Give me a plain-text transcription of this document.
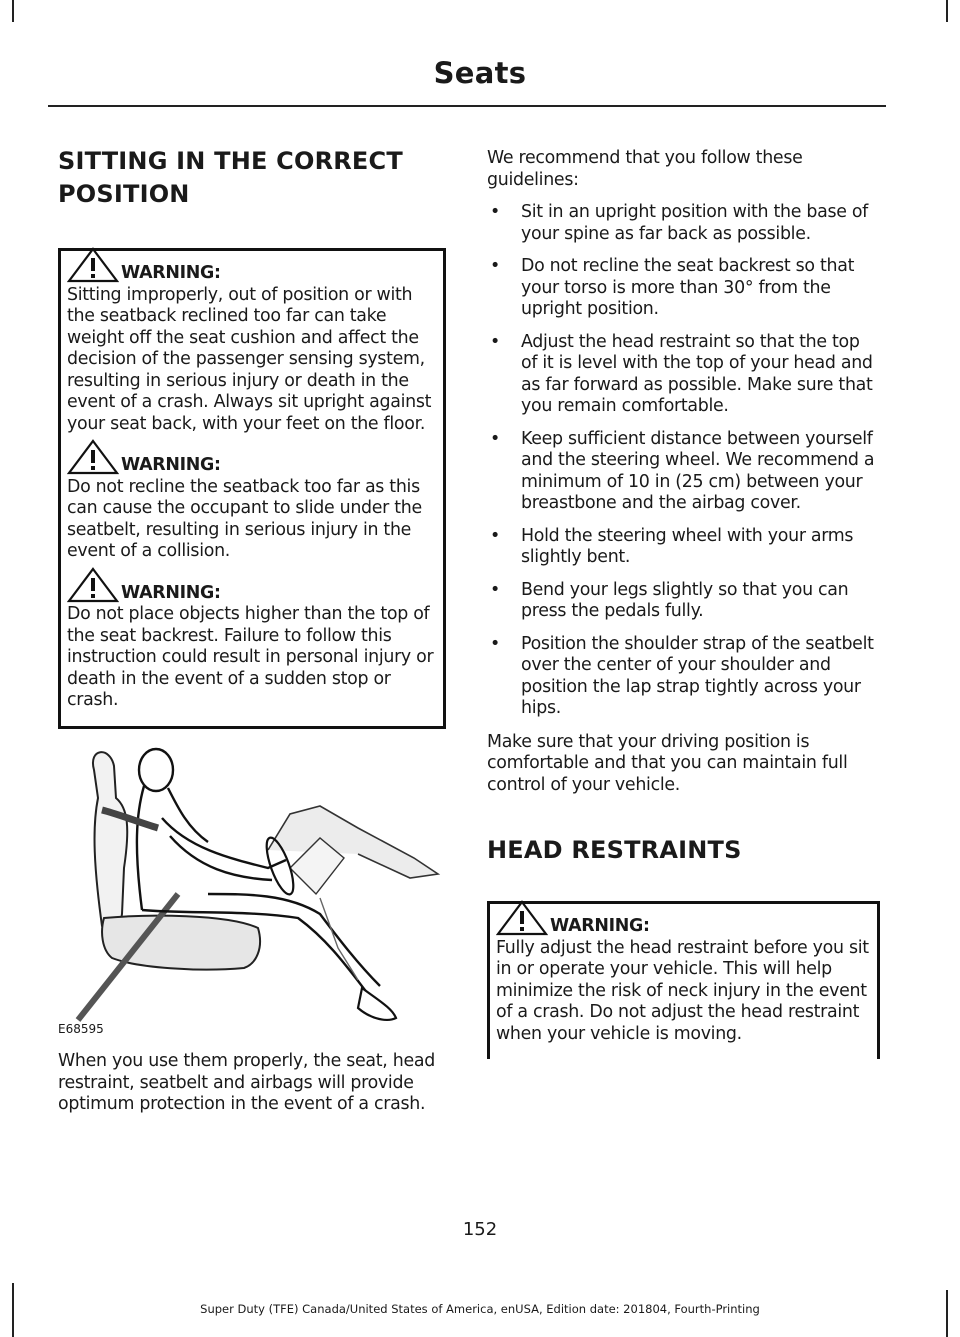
Seats
SITTING IN THE CORRECT
POSITION

WARNING:
Sitting improperly, out of position or with the seatback reclined too far can take weight off the seat cushion and affect the decision of the passenger sensing system, resulting in serious injury or death in the event of a crash. Always sit upright against your seat back, with your feet on the floor.

WARNING:
Do not recline the seatback too far as this can cause the occupant to slide under the seatbelt, resulting in serious injury in the event of a collision.

WARNING:
Do not place objects higher than the top of the seat backrest. Failure to follow this instruction could result in personal injury or death in the event of a sudden stop or crash.

E68595

When you use them properly, the seat, head restraint, seatbelt and airbags will provide optimum protection in the event of a crash.

We recommend that you follow these guidelines:

• Sit in an upright position with the base of your spine as far back as possible.
• Do not recline the seat backrest so that your torso is more than 30° from the upright position.
• Adjust the head restraint so that the top of it is level with the top of your head and as far forward as possible. Make sure that you remain comfortable.
• Keep sufficient distance between yourself and the steering wheel. We recommend a minimum of 10 in (25 cm) between your breastbone and the airbag cover.
• Hold the steering wheel with your arms slightly bent.
• Bend your legs slightly so that you can press the pedals fully.
• Position the shoulder strap of the seatbelt over the center of your shoulder and position the lap strap tightly across your hips.

Make sure that your driving position is comfortable and that you can maintain full control of your vehicle.

HEAD RESTRAINTS

WARNING:
Fully adjust the head restraint before you sit in or operate your vehicle. This will help minimize the risk of neck injury in the event of a crash. Do not adjust the head restraint when your vehicle is moving.

152
Super Duty (TFE) Canada/United States of America, enUSA, Edition date: 201804, Fourth-Printing
